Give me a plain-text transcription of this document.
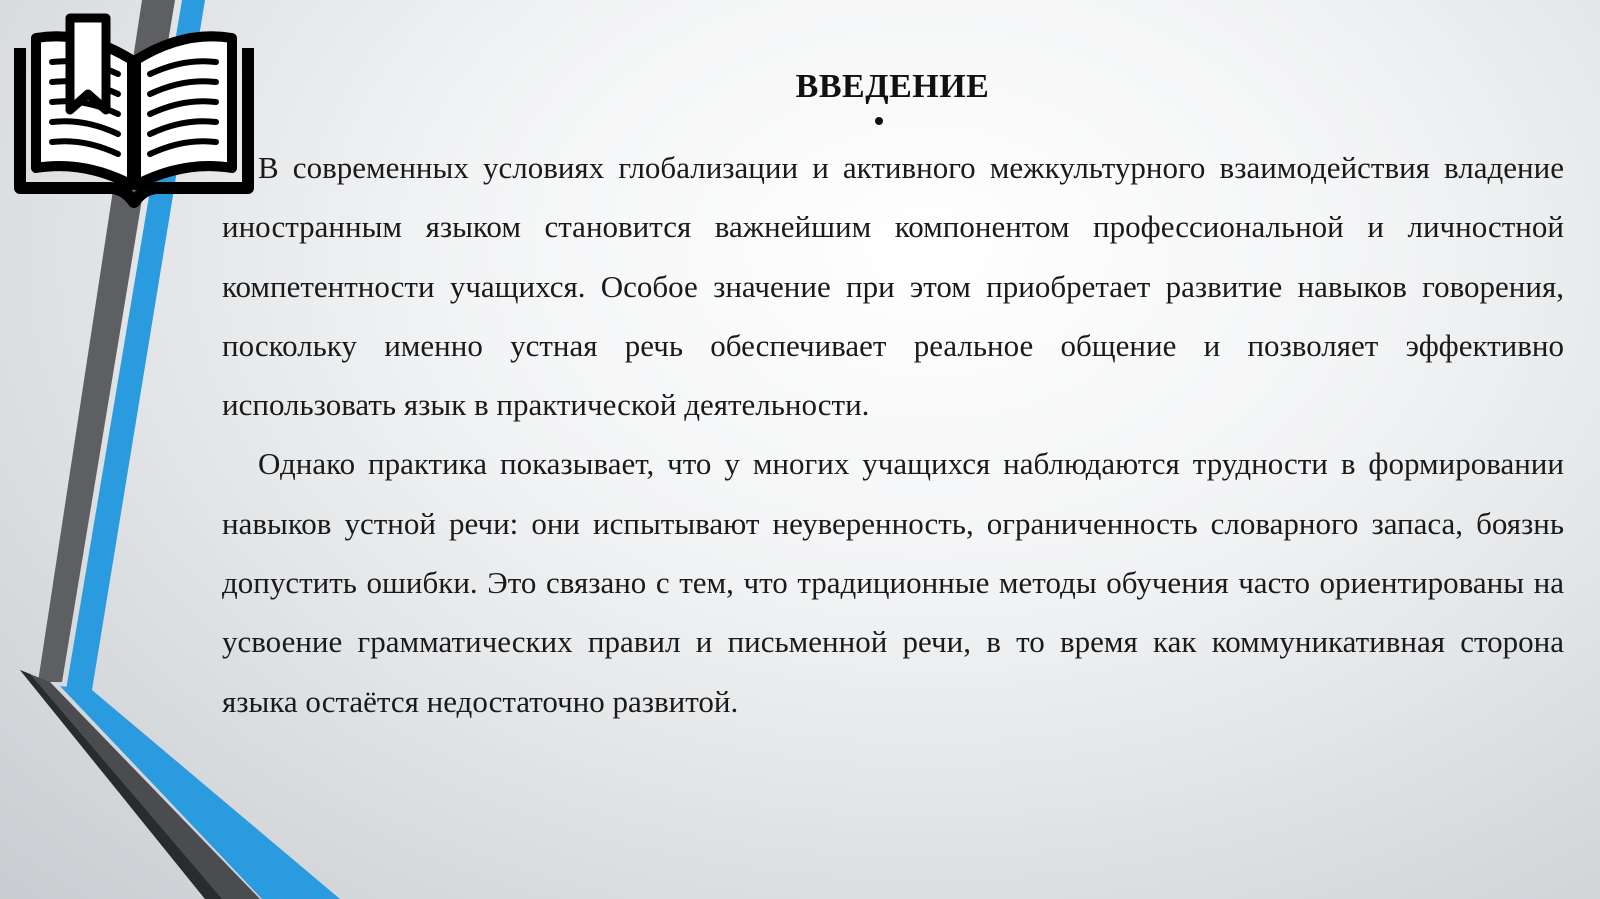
ВВЕДЕНИЕ

В современных условиях глобализации и активного межкультурного взаимодействия владение иностранным языком становится важнейшим компонентом профессиональной и личностной компетентности учащихся. Особое значение при этом приобретает развитие навыков говорения, поскольку именно устная речь обеспечивает реальное общение и позволяет эффективно использовать язык в практической деятельности.

Однако практика показывает, что у многих учащихся наблюдаются трудности в формировании навыков устной речи: они испытывают неуверенность, ограниченность словарного запаса, боязнь допустить ошибки. Это связано с тем, что традиционные методы обучения часто ориентированы на усвоение грамматических правил и письменной речи, в то время как коммуникативная сторона языка остаётся недостаточно развитой.
